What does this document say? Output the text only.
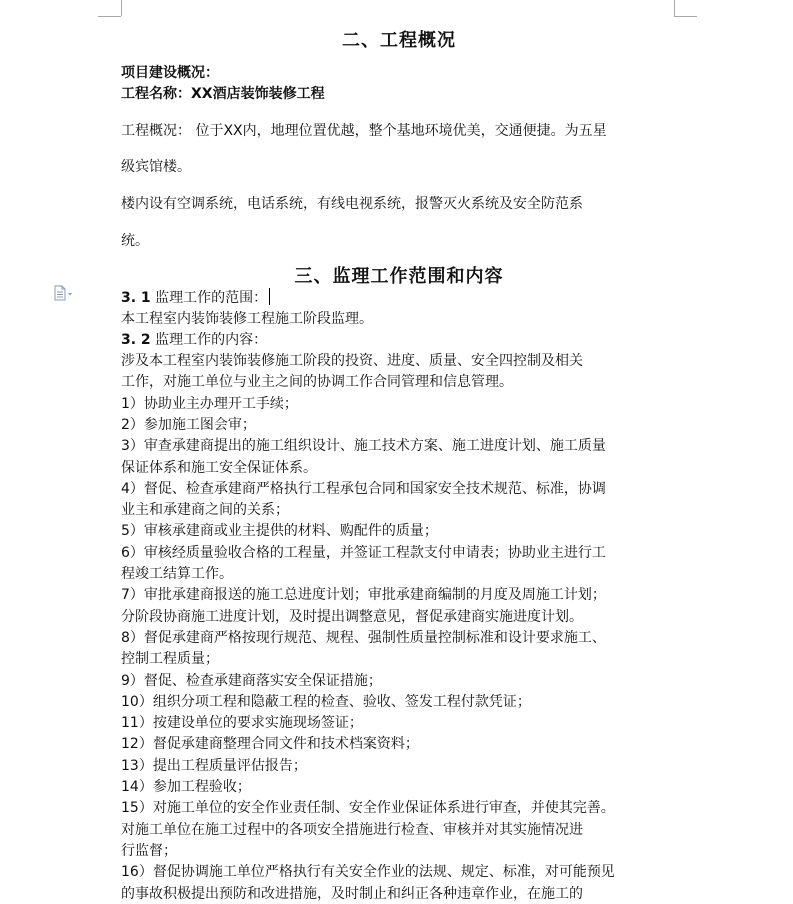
二、工程概况
项目建设概况：
工程名称：XX酒店装饰装修工程
工程概况： 位于XX内，地理位置优越，整个基地环境优美，交通便捷。为五星
级宾馆楼。
楼内设有空调系统，电话系统，有线电视系统，报警灭火系统及安全防范系
统。
三、监理工作范围和内容
3. 1 监理工作的范围：
本工程室内装饰装修工程施工阶段监理。
3. 2 监理工作的内容：
涉及本工程室内装饰装修施工阶段的投资、进度、质量、安全四控制及相关
工作，对施工单位与业主之间的协调工作合同管理和信息管理。
1）协助业主办理开工手续；
2）参加施工图会审；
3）审查承建商提出的施工组织设计、施工技术方案、施工进度计划、施工质量
保证体系和施工安全保证体系。
4）督促、检查承建商严格执行工程承包合同和国家安全技术规范、标准，协调
业主和承建商之间的关系；
5）审核承建商或业主提供的材料、购配件的质量；
6）审核经质量验收合格的工程量，并签证工程款支付申请表；协助业主进行工
程竣工结算工作。
7）审批承建商报送的施工总进度计划；审批承建商编制的月度及周施工计划；
分阶段协商施工进度计划，及时提出调整意见，督促承建商实施进度计划。
8）督促承建商严格按现行规范、规程、强制性质量控制标准和设计要求施工、
控制工程质量；
9）督促、检查承建商落实安全保证措施；
10）组织分项工程和隐蔽工程的检查、验收、签发工程付款凭证；
11）按建设单位的要求实施现场签证；
12）督促承建商整理合同文件和技术档案资料；
13）提出工程质量评估报告；
14）参加工程验收；
15）对施工单位的安全作业责任制、安全作业保证体系进行审查，并使其完善。
对施工单位在施工过程中的各项安全措施进行检查、审核并对其实施情况进
行监督；
16）督促协调施工单位严格执行有关安全作业的法规、规定、标准，对可能预见
的事故积极提出预防和改进措施，及时制止和纠正各种违章作业，在施工的
